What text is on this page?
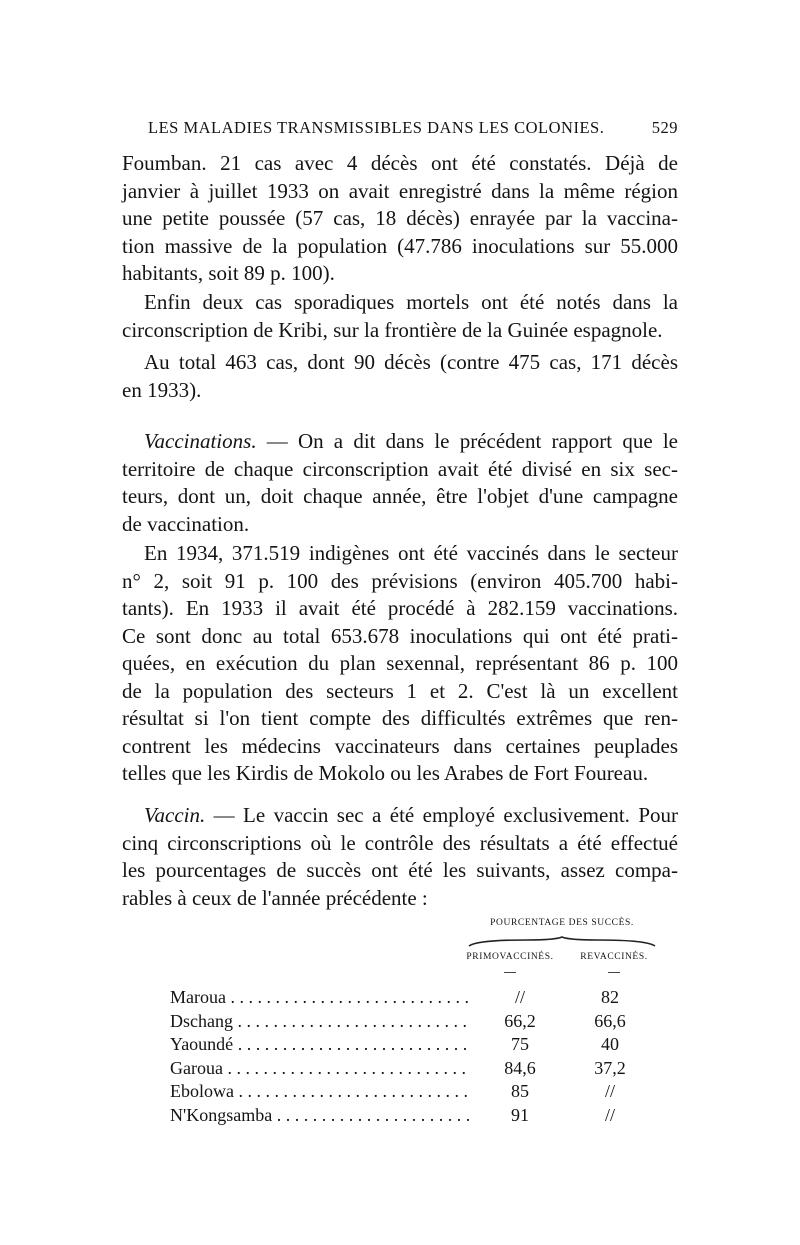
LES MALADIES TRANSMISSIBLES DANS LES COLONIES.	529
Foumban. 21 cas avec 4 décès ont été constatés. Déjà de
janvier à juillet 1933 on avait enregistré dans la même région
une petite poussée (57 cas, 18 décès) enrayée par la vaccina-
tion massive de la population (47.786 inoculations sur 55.000
habitants, soit 89 p. 100).
Enfin deux cas sporadiques mortels ont été notés dans la
circonscription de Kribi, sur la frontière de la Guinée espagnole.
Au total 463 cas, dont 90 décès (contre 475 cas, 171 décès
en 1933).
Vaccinations. — On a dit dans le précédent rapport que le
territoire de chaque circonscription avait été divisé en six sec-
teurs, dont un, doit chaque année, être l'objet d'une campagne
de vaccination.
En 1934, 371.519 indigènes ont été vaccinés dans le secteur
n° 2, soit 91 p. 100 des prévisions (environ 405.700 habi-
tants). En 1933 il avait été procédé à 282.159 vaccinations.
Ce sont donc au total 653.678 inoculations qui ont été prati-
quées, en exécution du plan sexennal, représentant 86 p. 100
de la population des secteurs 1 et 2. C'est là un excellent
résultat si l'on tient compte des difficultés extrêmes que ren-
contrent les médecins vaccinateurs dans certaines peuplades
telles que les Kirdis de Mokolo ou les Arabes de Fort Foureau.
Vaccin. — Le vaccin sec a été employé exclusivement. Pour
cinq circonscriptions où le contrôle des résultats a été effectué
les pourcentages de succès ont été les suivants, assez compa-
rables à ceux de l'année précédente :
POURCENTAGE DES SUCCÈS.
PRIMOVACCINÉS.	REVACCINÉS.
Maroua . . .	//	82
Dschang . . .	66,2	66,6
Yaoundé . . .	75	40
Garoua . . .	84,6	37,2
Ebolowa . . .	85	//
N'Kongsamba . . .	91	//
